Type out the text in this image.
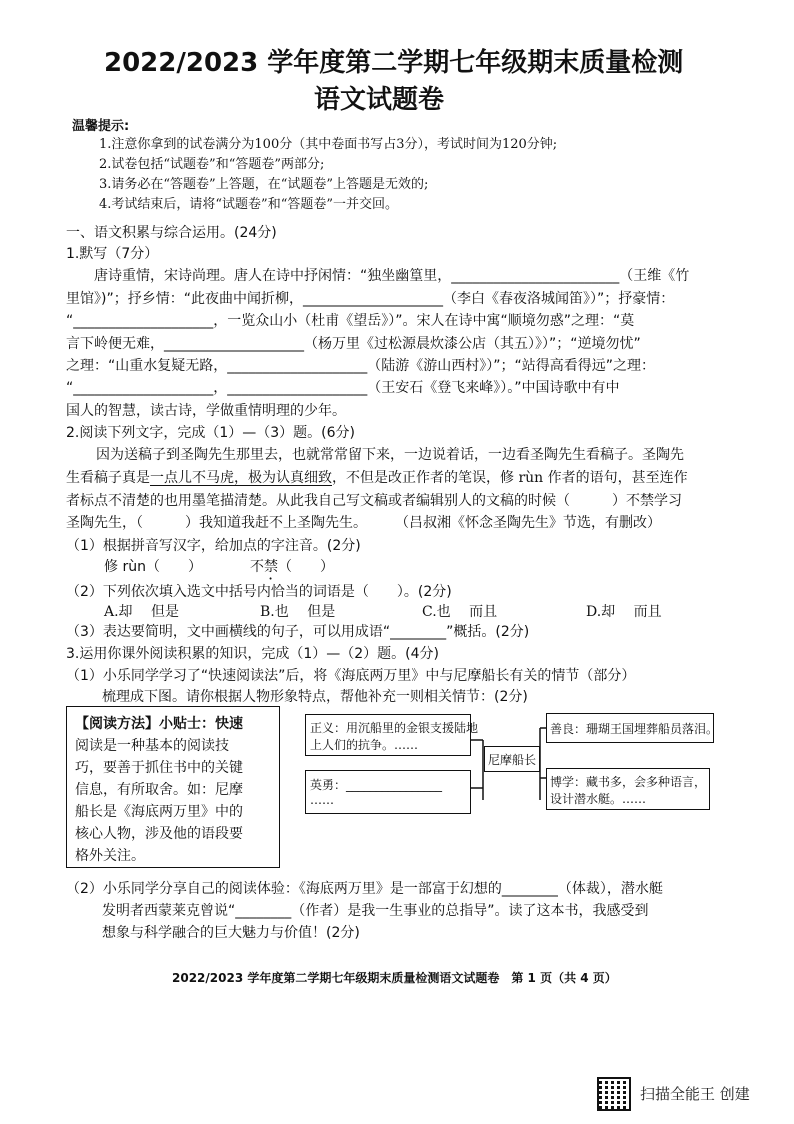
2022/2023 学年度第二学期七年级期末质量检测
语文试题卷
温馨提示:
1.注意你拿到的试卷满分为100分（其中卷面书写占3分），考试时间为120分钟;
2.试卷包括“试题卷”和“答题卷”两部分;
3.请务必在“答题卷”上答题，在“试题卷”上答题是无效的;
4.考试结束后，请将“试题卷”和“答题卷”一并交回。
一、语文积累与综合运用。(24分)
1.默写（7分）
唐诗重情，宋诗尚理。唐人在诗中抒闲情：“独坐幽篁里，________________________（王维《竹
里馆》)”；抒乡情：“此夜曲中闻折柳，____________________（李白《春夜洛城闻笛》）”；抒豪情：
“____________________，一览众山小（杜甫《望岳》）”。宋人在诗中寓“顺境勿惑”之理：“莫
言下岭便无难，____________________（杨万里《过松源晨炊漆公店（其五）》）”；“逆境勿忧”
之理：“山重水复疑无路，____________________（陆游《游山西村》）”；“站得高看得远”之理：
“____________________，____________________（王安石《登飞来峰》）。”中国诗歌中有中
国人的智慧，读古诗，学做重情明理的少年。
2.阅读下列文字，完成（1）—（3）题。(6分)
因为送稿子到圣陶先生那里去，也就常常留下来，一边说着话，一边看圣陶先生看稿子。圣陶先
生看稿子真是一点儿不马虎，极为认真细致，不但是改正作者的笔误，修 rùn 作者的语句，甚至连作
者标点不清楚的也用墨笔描清楚。从此我自己写文稿或者编辑别人的文稿的时候（　　　）不禁学习
圣陶先生，（　　　）我知道我赶不上圣陶先生。　　　（吕叔湘《怀念圣陶先生》节选，有删改）
（1）根据拼音写汉字，给加点的字注音。(2分)
修 rùn（　　）	不禁（　　）
（2）下列依次填入选文中括号内恰当的词语是（　　）。(2分)
A.却　 但是	B.也　 但是	C.也　 而且	D.却　 而且
（3）表达要简明，文中画横线的句子，可以用成语“________”概括。(2分)
3.运用你课外阅读积累的知识，完成（1）—（2）题。(4分)
（1）小乐同学学习了“快速阅读法”后，将《海底两万里》中与尼摩船长有关的情节（部分）
梳理成下图。请你根据人物形象特点，帮他补充一则相关情节：(2分)
【阅读方法】小贴士：快速
阅读是一种基本的阅读技
巧，要善于抓住书中的关键
信息，有所取舍。如：尼摩
船长是《海底两万里》中的
核心人物，涉及他的语段要
格外关注。
正义：用沉船里的金银支援陆地
上人们的抗争。……
英勇：________________
……
尼摩船长
善良：珊瑚王国埋葬船员落泪。
博学：藏书多，会多种语言，
设计潜水艇。……
（2）小乐同学分享自己的阅读体验：《海底两万里》是一部富于幻想的________（体裁），潜水艇
发明者西蒙莱克曾说“________（作者）是我一生事业的总指导”。读了这本书，我感受到
想象与科学融合的巨大魅力与价值！(2分)
2022/2023 学年度第二学期七年级期末质量检测语文试题卷　第 1 页（共 4 页）
扫描全能王 创建
